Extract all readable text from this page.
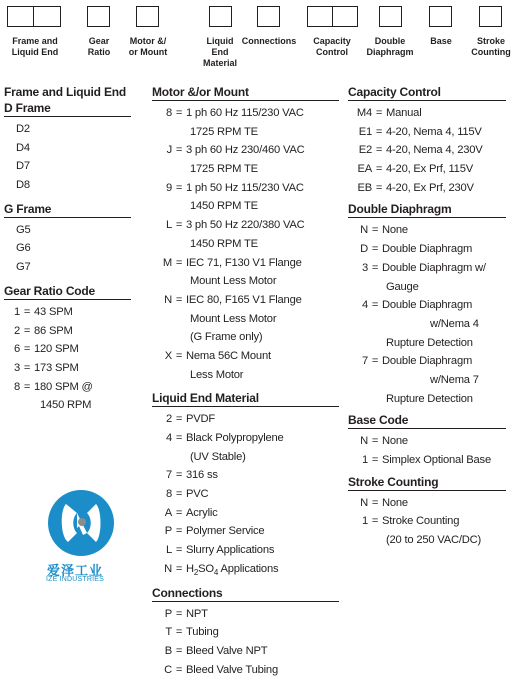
Frame and
Liquid End
Gear
Ratio
Motor &/
or Mount
Liquid
End
Material
Connections	Capacity
Control
Double
Diaphragm
Base	Stroke
Counting
Frame and Liquid End
D Frame
D2
D4
D7
D8
G Frame
G5
G6
G7
Gear Ratio Code
1 = 43 SPM
2 = 86 SPM
6 = 120 SPM
3 = 173 SPM
8 = 180 SPM @
1450 RPM
爱泽工业
IZE INDUSTRIES
Motor &/or Mount
8 = 1 ph 60 Hz 115/230 VAC
1725 RPM TE
J = 3 ph 60 Hz 230/460 VAC
1725 RPM TE
9 = 1 ph 50 Hz 115/230 VAC
1450 RPM TE
L = 3 ph 50 Hz 220/380 VAC
1450 RPM TE
M = IEC 71, F130 V1 Flange
Mount Less Motor
N = IEC 80, F165 V1 Flange
Mount Less Motor
(G Frame only)
X = Nema 56C Mount
Less Motor
Liquid End Material
2 = PVDF
4 = Black Polypropylene
(UV Stable)
7 = 316 ss
8 = PVC
A = Acrylic
P = Polymer Service
L = Slurry Applications
$N = H_2SO_4$ Applications
Connections
P = NPT
T = Tubing
B = Bleed Valve NPT
C = Bleed Valve Tubing
Capacity Control
M4 = Manual
E1 = 4-20, Nema 4, 115V
E2 = 4-20, Nema 4, 230V
EA = 4-20, Ex Prf, 115V
EB = 4-20, Ex Prf, 230V
Double Diaphragm
N = None
D = Double Diaphragm
3 = Double Diaphragm w/
Gauge
4 = Double Diaphragm
w/Nema 4
Rupture Detection
7 = Double Diaphragm
w/Nema 7
Rupture Detection
Base Code
N = None
1 = Simplex Optional Base
Stroke Counting
N = None
1 = Stroke Counting
(20 to 250 VAC/DC)
